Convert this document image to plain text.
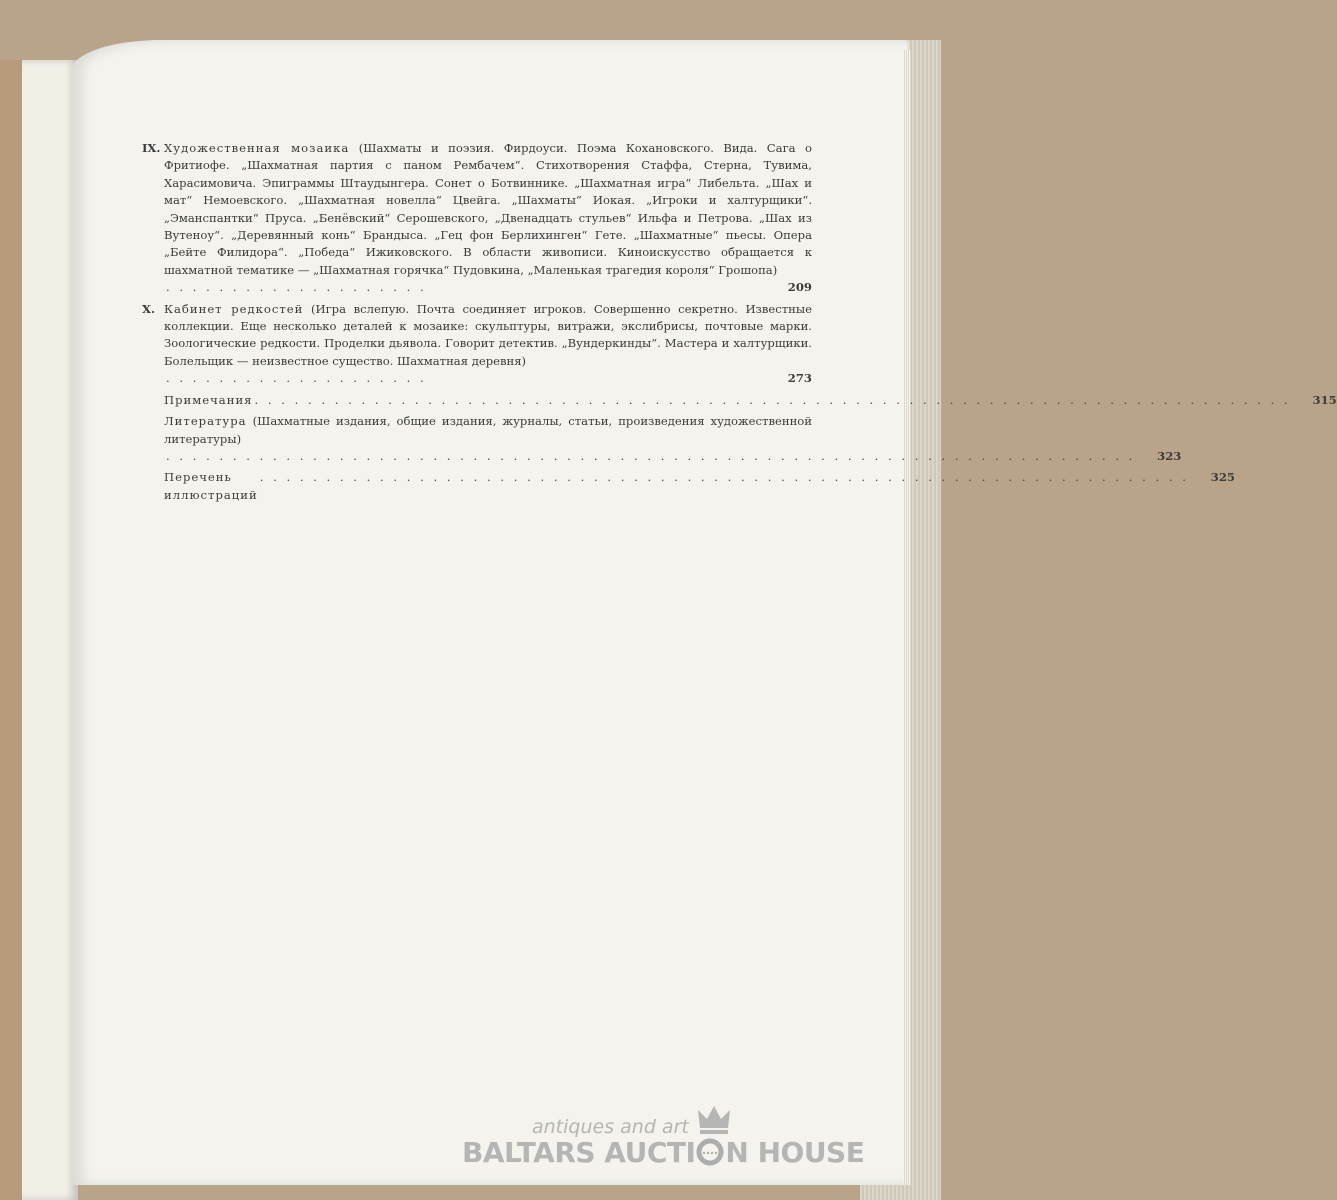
IX. Художественная мозаика (Шахматы и поэзия. Фирдоуси. Поэма Кохановского. Вида. Сага о Фритиофе. „Шахматная партия с паном Рембачем“. Стихотворения Стаффа, Стерна, Тувима, Харасимовича. Эпиграммы Штаудынгера. Сонет о Ботвиннике. „Шахматная игра“ Либельта. „Шах и мат“ Немоевского. „Шахматная новелла“ Цвейга. „Шахматы“ Иокая. „Игроки и халтурщики“. „Эманспантки“ Пруса. „Бенёвский“ Серошевского, „Двенадцать стульев“ Ильфа и Петрова. „Шах из Вутеноу“. „Деревянный конь“ Брандыса. „Гец фон Берлихинген“ Гете. „Шахматные“ пьесы. Опера „Бейте Филидора“. „Победа“ Ижиковского. В области живописи. Киноискусство обращается к шахматной тематике — „Шахматная горячка“ Пудовкина, „Маленькая трагедия короля“ Грошопа)
. . . . . . . . . . . . . . . . . . . .	209
X. Кабинет редкостей (Игра вслепую. Почта соединяет игроков. Совершенно секретно. Известные коллекции. Еще несколько деталей к мозаике: скульптуры, витражи, экслибрисы, почтовые марки. Зоологические редкости. Проделки дьявола. Говорит детектив. „Вундеркинды“. Мастера и халтурщики. Болельщик — неизвестное существо. Шахматная деревня)
. . . . . . . . . . . . . . . . . . . .	273
Примечания . . . . . . . . . . . . . . . . . . . . . . . . . . . . . . . . . . . . . . . . . . . . . . . . . . . . . . . . . . . . . . . . . . . . . . . . . . . . . .	315
Литература (Шахматные издания, общие издания, журналы, статьи, произведения художественной литературы)
. . . . . . . . . . . . . . . . . . . . . . . . . . . . . . . . . . . . . . . . . . . . . . . . . . . . . . . . . . . . . . . . . . . . . . . . .	323
Перечень иллюстраций
. . . . . . . . . . . . . . . . . . . . . . . . . . . . . . . . . . . . . . . . . . . . . . . . . . . . . . . . . . . . . . . . . . . . . .	325
antiques and art
BALTARS AUCTI N HOUSE
